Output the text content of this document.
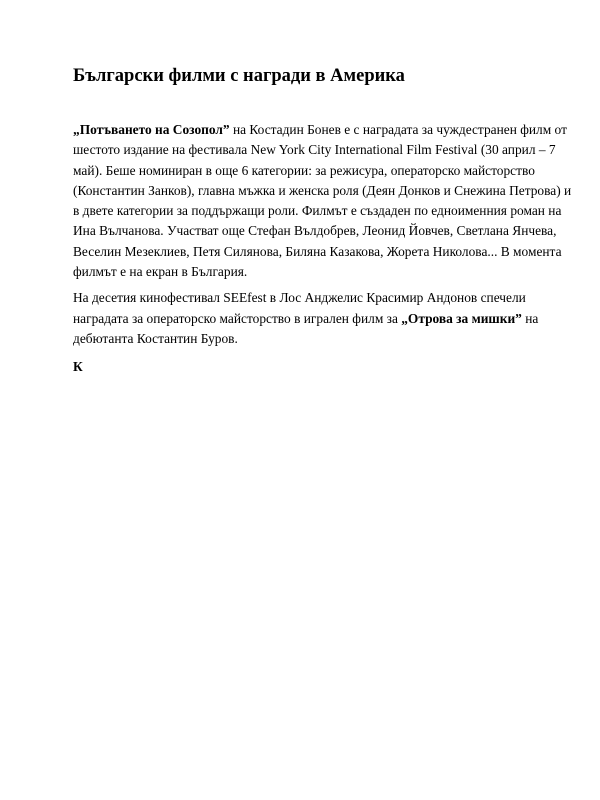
Български филми с награди в Америка
„Потъването на Созопол” на Костадин Бонев е с наградата за чуждестранен филм от
шестото издание на фестивала New York City International Film Festival (30 април – 7
май). Беше номиниран в още 6 категории: за режисура, операторско майсторство
(Константин Занков), главна мъжка и женска роля (Деян Донков и Снежина Петрова) и
в двете категории за поддържащи роли. Филмът е създаден по едноименния роман на
Ина Вълчанова. Участват още Стефан Вълдобрев, Леонид Йовчев, Светлана Янчева,
Веселин Мезеклиев, Петя Силянова, Биляна Казакова, Жорета Николова... В момента
филмът е на екран в България.
На десетия кинофестивал SEEfest в Лос Анджелис Красимир Андонов спечели
наградата за операторско майсторство в игрален филм за „Отрова за мишки” на
дебютанта Костантин Буров.
К
